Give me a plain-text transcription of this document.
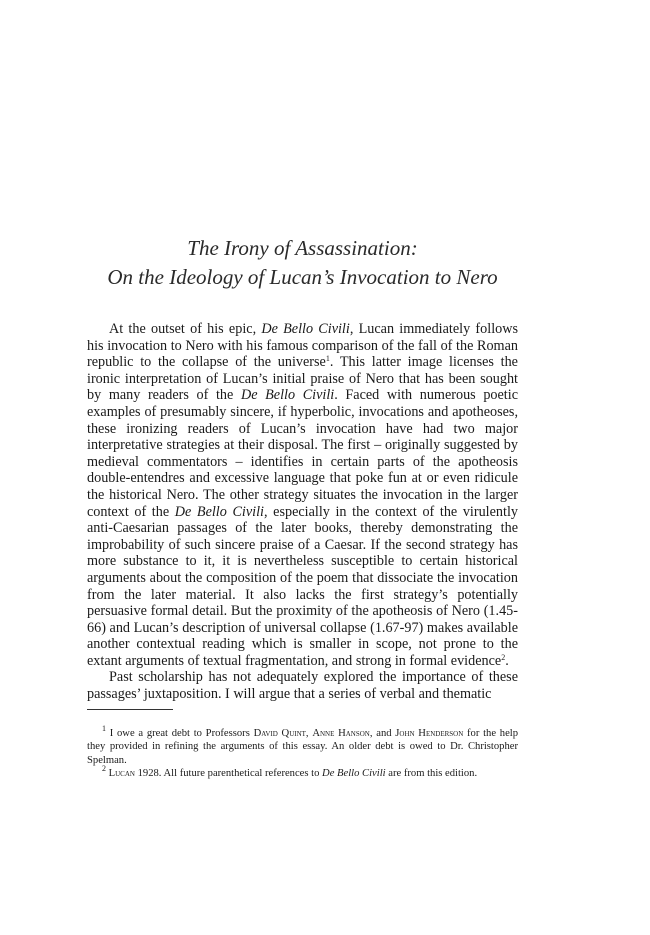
The Irony of Assassination:
On the Ideology of Lucan’s Invocation to Nero

At the outset of his epic, De Bello Civili, Lucan immediately follows his invocation to Nero with his famous comparison of the fall of the Roman republic to the collapse of the universe$^1$. This latter image licenses the ironic interpretation of Lucan’s initial praise of Nero that has been sought by many readers of the De Bello Civili. Faced with numerous poetic examples of presumably sincere, if hyperbolic, invocations and apotheoses, these ironizing readers of Lucan’s invocation have had two major interpretative strategies at their disposal. The first – originally suggested by medieval commentators – identifies in certain parts of the apotheosis double-entendres and excessive language that poke fun at or even ridicule the historical Nero. The other strategy situates the invocation in the larger context of the De Bello Civili, especially in the context of the virulently anti-Caesarian passages of the later books, thereby demonstrating the improbability of such sincere praise of a Caesar. If the second strategy has more substance to it, it is nevertheless susceptible to certain historical arguments about the composition of the poem that dissociate the invocation from the later material. It also lacks the first strategy’s potentially persuasive formal detail. But the proximity of the apotheosis of Nero (1.45-66) and Lucan’s description of universal collapse (1.67-97) makes available another contextual reading which is smaller in scope, not prone to the extant arguments of textual fragmentation, and strong in formal evidence$^2$.

Past scholarship has not adequately explored the importance of these passages’ juxtaposition. I will argue that a series of verbal and thematic

$^1$ I owe a great debt to Professors David Quint, Anne Hanson, and John Henderson for the help they provided in refining the arguments of this essay. An older debt is owed to Dr. Christopher Spelman.

$^2$ Lucan 1928. All future parenthetical references to De Bello Civili are from this edition.
